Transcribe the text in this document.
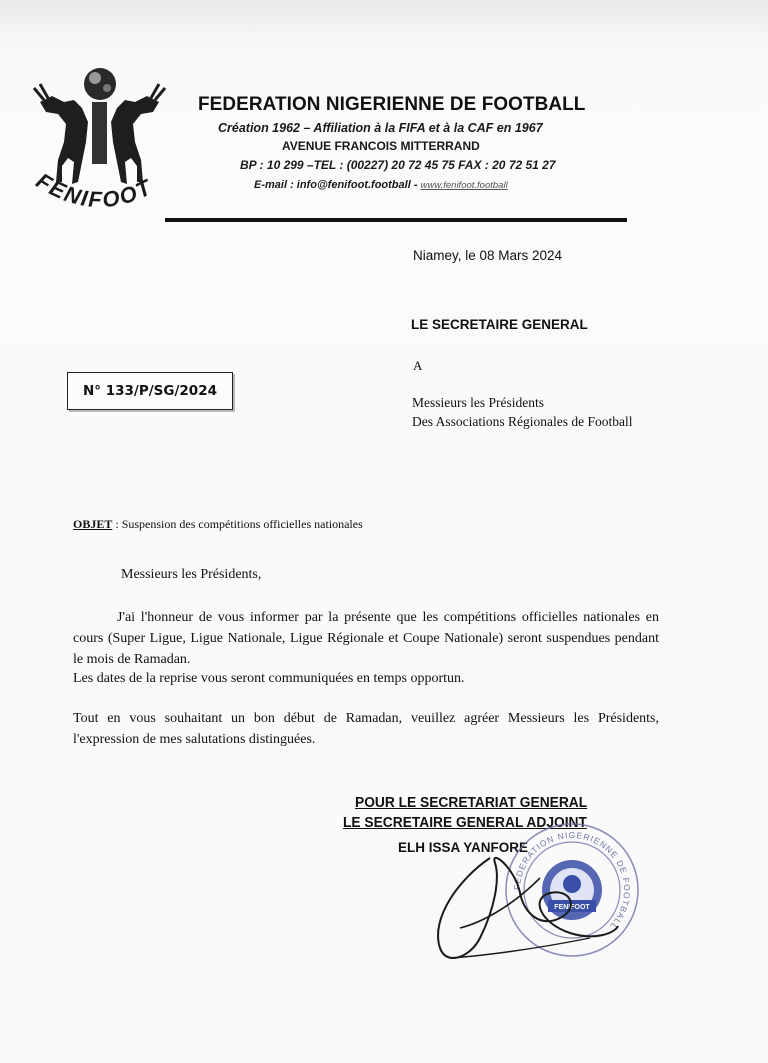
FENIFOOT
FEDERATION NIGERIENNE DE FOOTBALL
Création 1962 – Affiliation à la FIFA et à la CAF en 1967
AVENUE FRANCOIS MITTERRAND
BP : 10 299 –TEL : (00227) 20 72 45 75 FAX : 20 72 51 27
E-mail : info@fenifoot.football - www.fenifoot.football
Niamey, le 08 Mars 2024
LE SECRETAIRE GENERAL
A
N° 133/P/SG/2024
Messieurs les Présidents
Des Associations Régionales de Football
OBJET : Suspension des compétitions officielles nationales
Messieurs les Présidents,
J'ai l'honneur de vous informer par la présente que les compétitions officielles nationales en cours (Super Ligue, Ligue Nationale, Ligue Régionale et Coupe Nationale) seront suspendues pendant le mois de Ramadan.
Les dates de la reprise vous seront communiquées en temps opportun.
Tout en vous souhaitant un bon début de Ramadan, veuillez agréer Messieurs les Présidents, l'expression de mes salutations distinguées.
POUR LE SECRETARIAT GENERAL
LE SECRETAIRE GENERAL ADJOINT
ELH ISSA YANFORE
FEDERATION NIGERIENNE DE FOOTBALL
FENIFOOT
